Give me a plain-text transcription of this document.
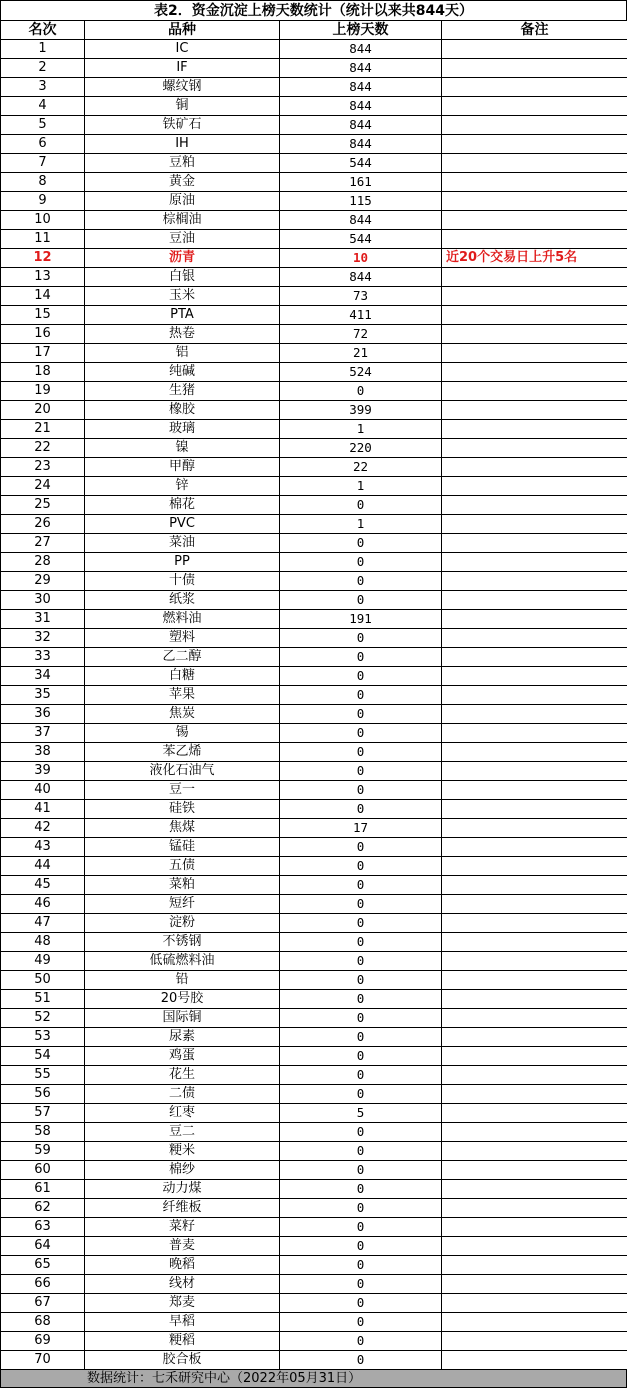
表2．资金沉淀上榜天数统计（统计以来共844天）
名次	品种	上榜天数	备注
1	IC	844	
2	IF	844	
3	螺纹钢	844	
4	铜	844	
5	铁矿石	844	
6	IH	844	
7	豆粕	544	
8	黄金	161	
9	原油	115	
10	棕榈油	844	
11	豆油	544	
12	沥青	10	近20个交易日上升5名
13	白银	844	
14	玉米	73	
15	PTA	411	
16	热卷	72	
17	铝	21	
18	纯碱	524	
19	生猪	0	
20	橡胶	399	
21	玻璃	1	
22	镍	220	
23	甲醇	22	
24	锌	1	
25	棉花	0	
26	PVC	1	
27	菜油	0	
28	PP	0	
29	十债	0	
30	纸浆	0	
31	燃料油	191	
32	塑料	0	
33	乙二醇	0	
34	白糖	0	
35	苹果	0	
36	焦炭	0	
37	锡	0	
38	苯乙烯	0	
39	液化石油气	0	
40	豆一	0	
41	硅铁	0	
42	焦煤	17	
43	锰硅	0	
44	五债	0	
45	菜粕	0	
46	短纤	0	
47	淀粉	0	
48	不锈钢	0	
49	低硫燃料油	0	
50	铅	0	
51	20号胶	0	
52	国际铜	0	
53	尿素	0	
54	鸡蛋	0	
55	花生	0	
56	二债	0	
57	红枣	5	
58	豆二	0	
59	粳米	0	
60	棉纱	0	
61	动力煤	0	
62	纤维板	0	
63	菜籽	0	
64	普麦	0	
65	晚稻	0	
66	线材	0	
67	郑麦	0	
68	早稻	0	
69	粳稻	0	
70	胶合板	0	
数据统计：七禾研究中心（2022年05月31日）
